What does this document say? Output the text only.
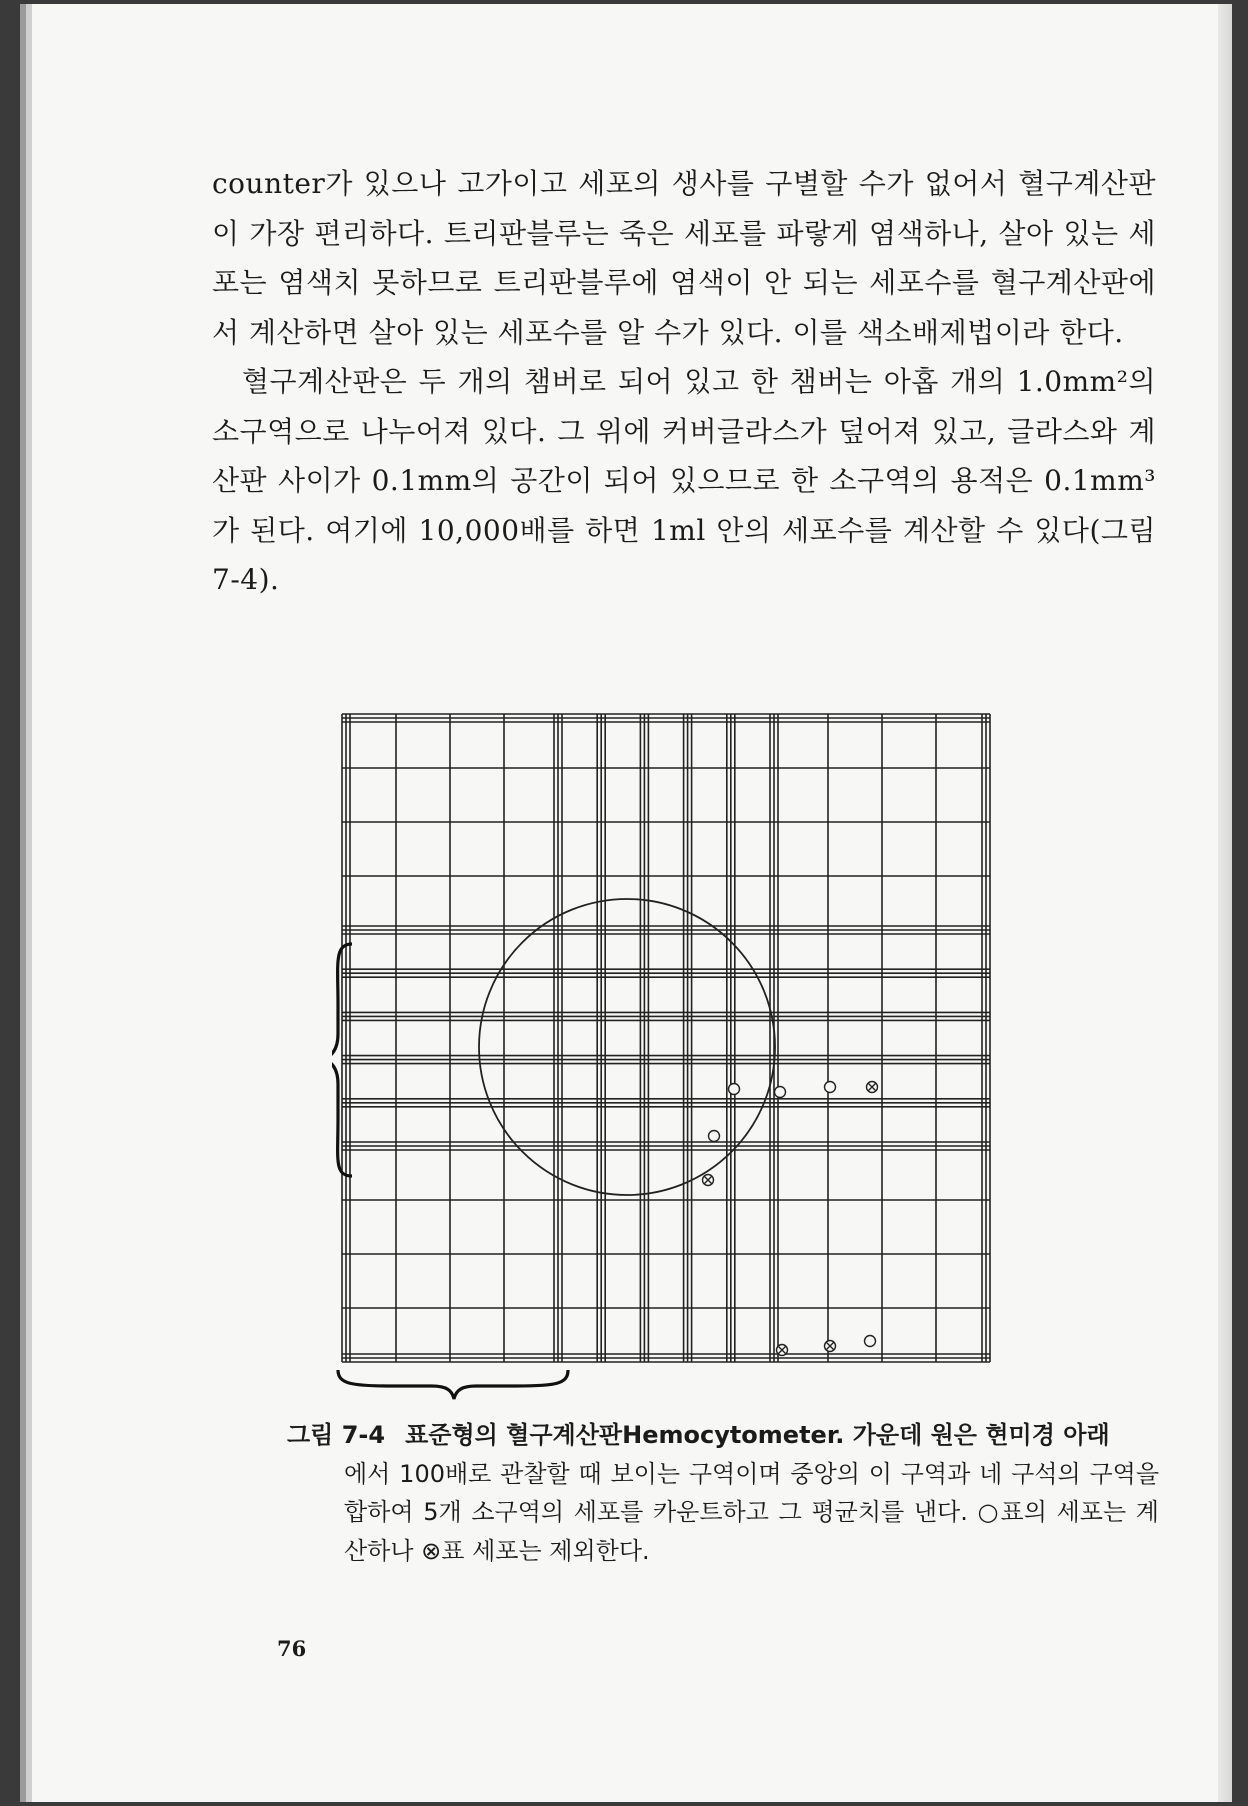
counter가 있으나 고가이고 세포의 생사를 구별할 수가 없어서 혈구계산판이 가장 편리하다. 트리판블루는 죽은 세포를 파랗게 염색하나, 살아 있는 세포는 염색치 못하므로 트리판블루에 염색이 안 되는 세포수를 혈구계산판에서 계산하면 살아 있는 세포수를 알 수가 있다. 이를 색소배제법이라 한다.

혈구계산판은 두 개의 챔버로 되어 있고 한 챔버는 아홉 개의 1.0mm²의 소구역으로 나누어져 있다. 그 위에 커버글라스가 덮어져 있고, 글라스와 계산판 사이가 0.1mm의 공간이 되어 있으므로 한 소구역의 용적은 0.1mm³가 된다. 여기에 10,000배를 하면 1ml 안의 세포수를 계산할 수 있다(그림 7-4).

그림 7-4 표준형의 혈구계산판Hemocytometer. 가운데 원은 현미경 아래
에서 100배로 관찰할 때 보이는 구역이며 중앙의 이 구역과 네 구석의 구역을 합하여 5개 소구역의 세포를 카운트하고 그 평균치를 낸다. ○표의 세포는 계산하나 ⊗표 세포는 제외한다.
76
